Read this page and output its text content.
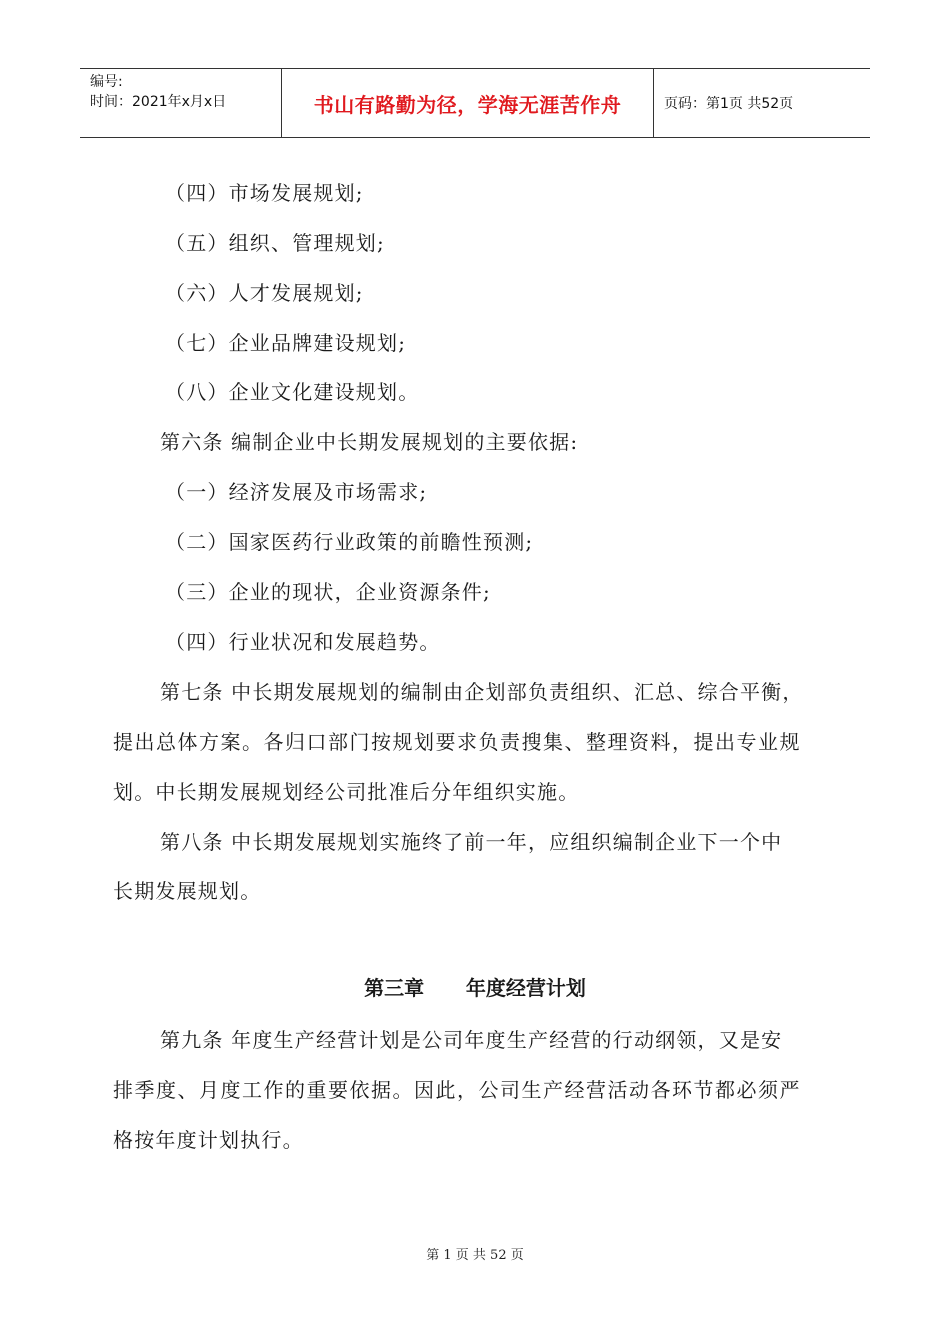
编号:
时间：2021年x月x日	书山有路勤为径，学海无涯苦作舟	页码：第1页 共52页
（四）市场发展规划;
（五）组织、管理规划;
（六）人才发展规划;
（七）企业品牌建设规划;
（八）企业文化建设规划。
第六条 编制企业中长期发展规划的主要依据:
（一）经济发展及市场需求;
（二）国家医药行业政策的前瞻性预测;
（三）企业的现状，企业资源条件;
（四）行业状况和发展趋势。
第七条 中长期发展规划的编制由企划部负责组织、汇总、综合平衡，
提出总体方案。各归口部门按规划要求负责搜集、整理资料，提出专业规
划。中长期发展规划经公司批准后分年组织实施。
第八条 中长期发展规划实施终了前一年，应组织编制企业下一个中
长期发展规划。
第三章      年度经营计划
第九条 年度生产经营计划是公司年度生产经营的行动纲领，又是安
排季度、月度工作的重要依据。因此，公司生产经营活动各环节都必须严
格按年度计划执行。
第 1 页 共 52 页
